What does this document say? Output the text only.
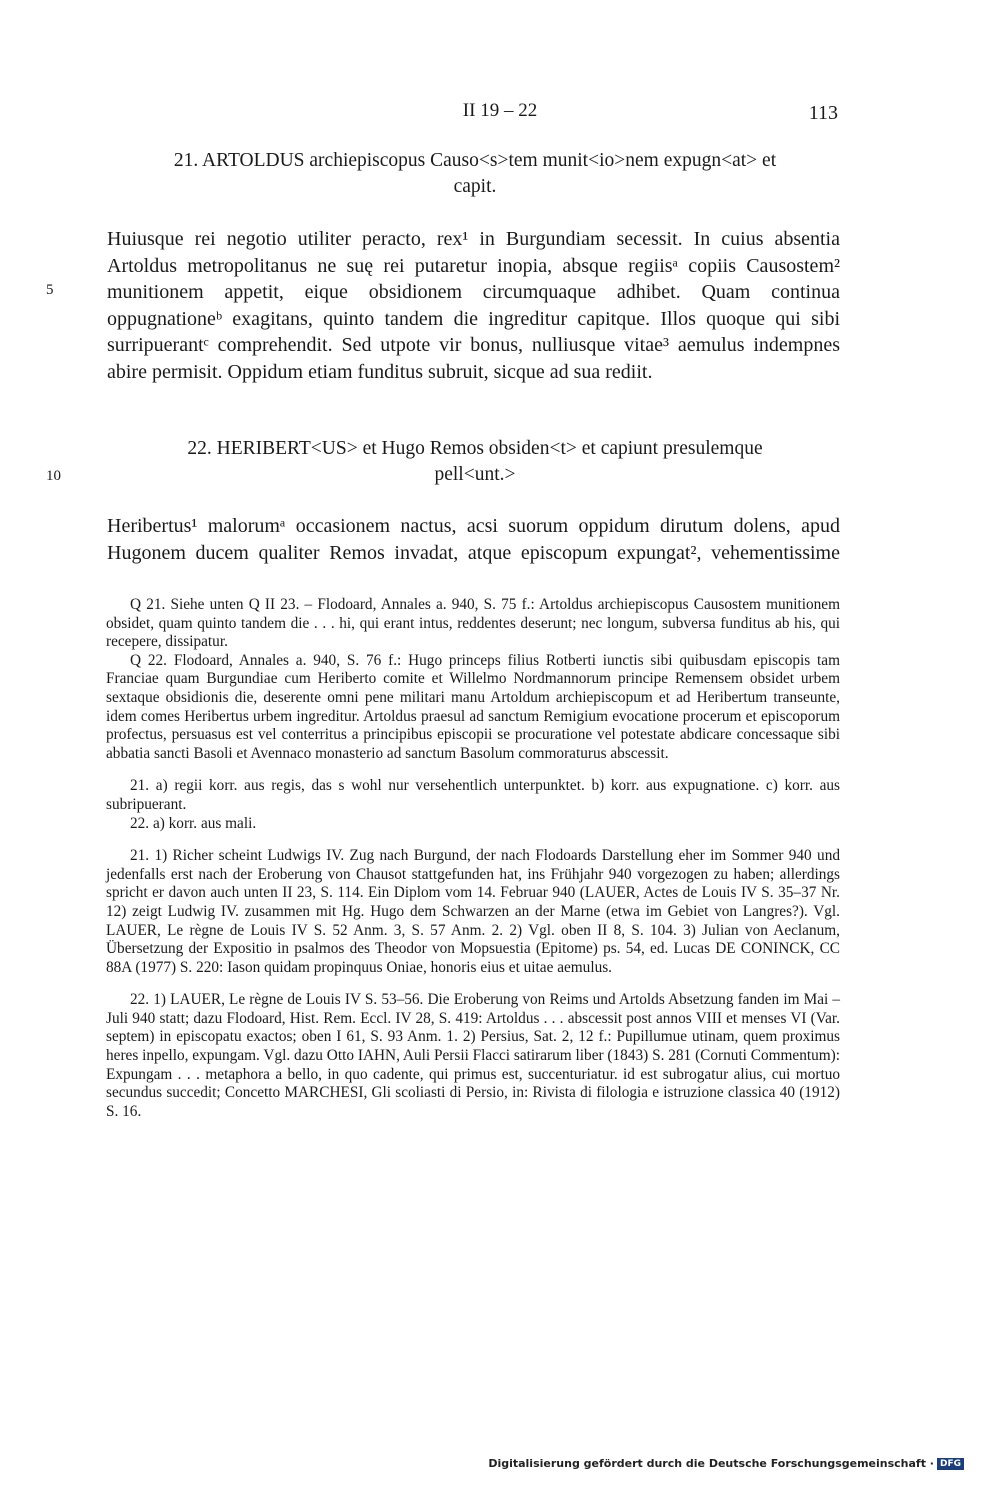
II 19 – 22	113
21. ARTOLDUS archiepiscopus Causo<s>tem munit<io>nem expugn<at> et
capit.

Huiusque rei negotio utiliter peracto, rex¹ in Burgundiam secessit. In cuius absentia

Artoldus metropolitanus ne suę rei putaretur inopia, absque regiisᵃ copiis Causostem²

munitionem appetit, eique obsidionem circumquaque adhibet. Quam continua

oppugnationeᵇ exagitans, quinto tandem die ingreditur capitque. Illos quoque qui sibi

surripuerantᶜ comprehendit. Sed utpote vir bonus, nulliusque vitae³ aemulus indempnes

abire permisit. Oppidum etiam funditus subruit, sicque ad sua rediit.

5
22. HERIBERT<US> et Hugo Remos obsiden<t> et capiunt presulemque
pell<unt.>
10

Heribertus¹ malorumᵃ occasionem nactus, acsi suorum oppidum dirutum dolens, apud

Hugonem ducem qualiter Remos invadat, atque episcopum expungat², vehementissime

Q 21. Siehe unten Q II 23. – Flodoard, Annales a. 940, S. 75 f.: Artoldus archiepiscopus Causostem munitionem obsidet, quam quinto tandem die . . . hi, qui erant intus, reddentes deserunt; nec longum, subversa funditus ab his, qui recepere, dissipatur.

Q 22. Flodoard, Annales a. 940, S. 76 f.: Hugo princeps filius Rotberti iunctis sibi quibusdam episcopis tam Franciae quam Burgundiae cum Heriberto comite et Willelmo Nordmannorum principe Remensem obsidet urbem sextaque obsidionis die, deserente omni pene militari manu Artoldum archiepiscopum et ad Heribertum transeunte, idem comes Heribertus urbem ingreditur. Artoldus praesul ad sanctum Remigium evocatione procerum et episcoporum profectus, persuasus est vel conterritus a principibus episcopii se procuratione vel potestate abdicare concessaque sibi abbatia sancti Basoli et Avennaco monasterio ad sanctum Basolum commoraturus abscessit.

21. a) regii korr. aus regis, das s wohl nur versehentlich unterpunktet. b) korr. aus expugnatione. c) korr. aus subripuerant.

22. a) korr. aus mali.

21. 1) Richer scheint Ludwigs IV. Zug nach Burgund, der nach Flodoards Darstellung eher im Sommer 940 und jedenfalls erst nach der Eroberung von Chausot stattgefunden hat, ins Frühjahr 940 vorgezogen zu haben; allerdings spricht er davon auch unten II 23, S. 114. Ein Diplom vom 14. Februar 940 (LAUER, Actes de Louis IV S. 35–37 Nr. 12) zeigt Ludwig IV. zusammen mit Hg. Hugo dem Schwarzen an der Marne (etwa im Gebiet von Langres?). Vgl. LAUER, Le règne de Louis IV S. 52 Anm. 3, S. 57 Anm. 2. 2) Vgl. oben II 8, S. 104. 3) Julian von Aeclanum, Übersetzung der Expositio in psalmos des Theodor von Mopsuestia (Epitome) ps. 54, ed. Lucas DE CONINCK, CC 88A (1977) S. 220: Iason quidam propinquus Oniae, honoris eius et uitae aemulus.

22. 1) LAUER, Le règne de Louis IV S. 53–56. Die Eroberung von Reims und Artolds Absetzung fanden im Mai – Juli 940 statt; dazu Flodoard, Hist. Rem. Eccl. IV 28, S. 419: Artoldus . . . abscessit post annos VIII et menses VI (Var. septem) in episcopatu exactos; oben I 61, S. 93 Anm. 1. 2) Persius, Sat. 2, 12 f.: Pupillumue utinam, quem proximus heres inpello, expungam. Vgl. dazu Otto IAHN, Auli Persii Flacci satirarum liber (1843) S. 281 (Cornuti Commentum): Expungam . . . metaphora a bello, in quo cadente, qui primus est, succenturiatur. id est subrogatur alius, cui mortuo secundus succedit; Concetto MARCHESI, Gli scoliasti di Persio, in: Rivista di filologia e istruzione classica 40 (1912) S. 16.

Digitalisierung gefördert durch die Deutsche Forschungsgemeinschaft · DFG
